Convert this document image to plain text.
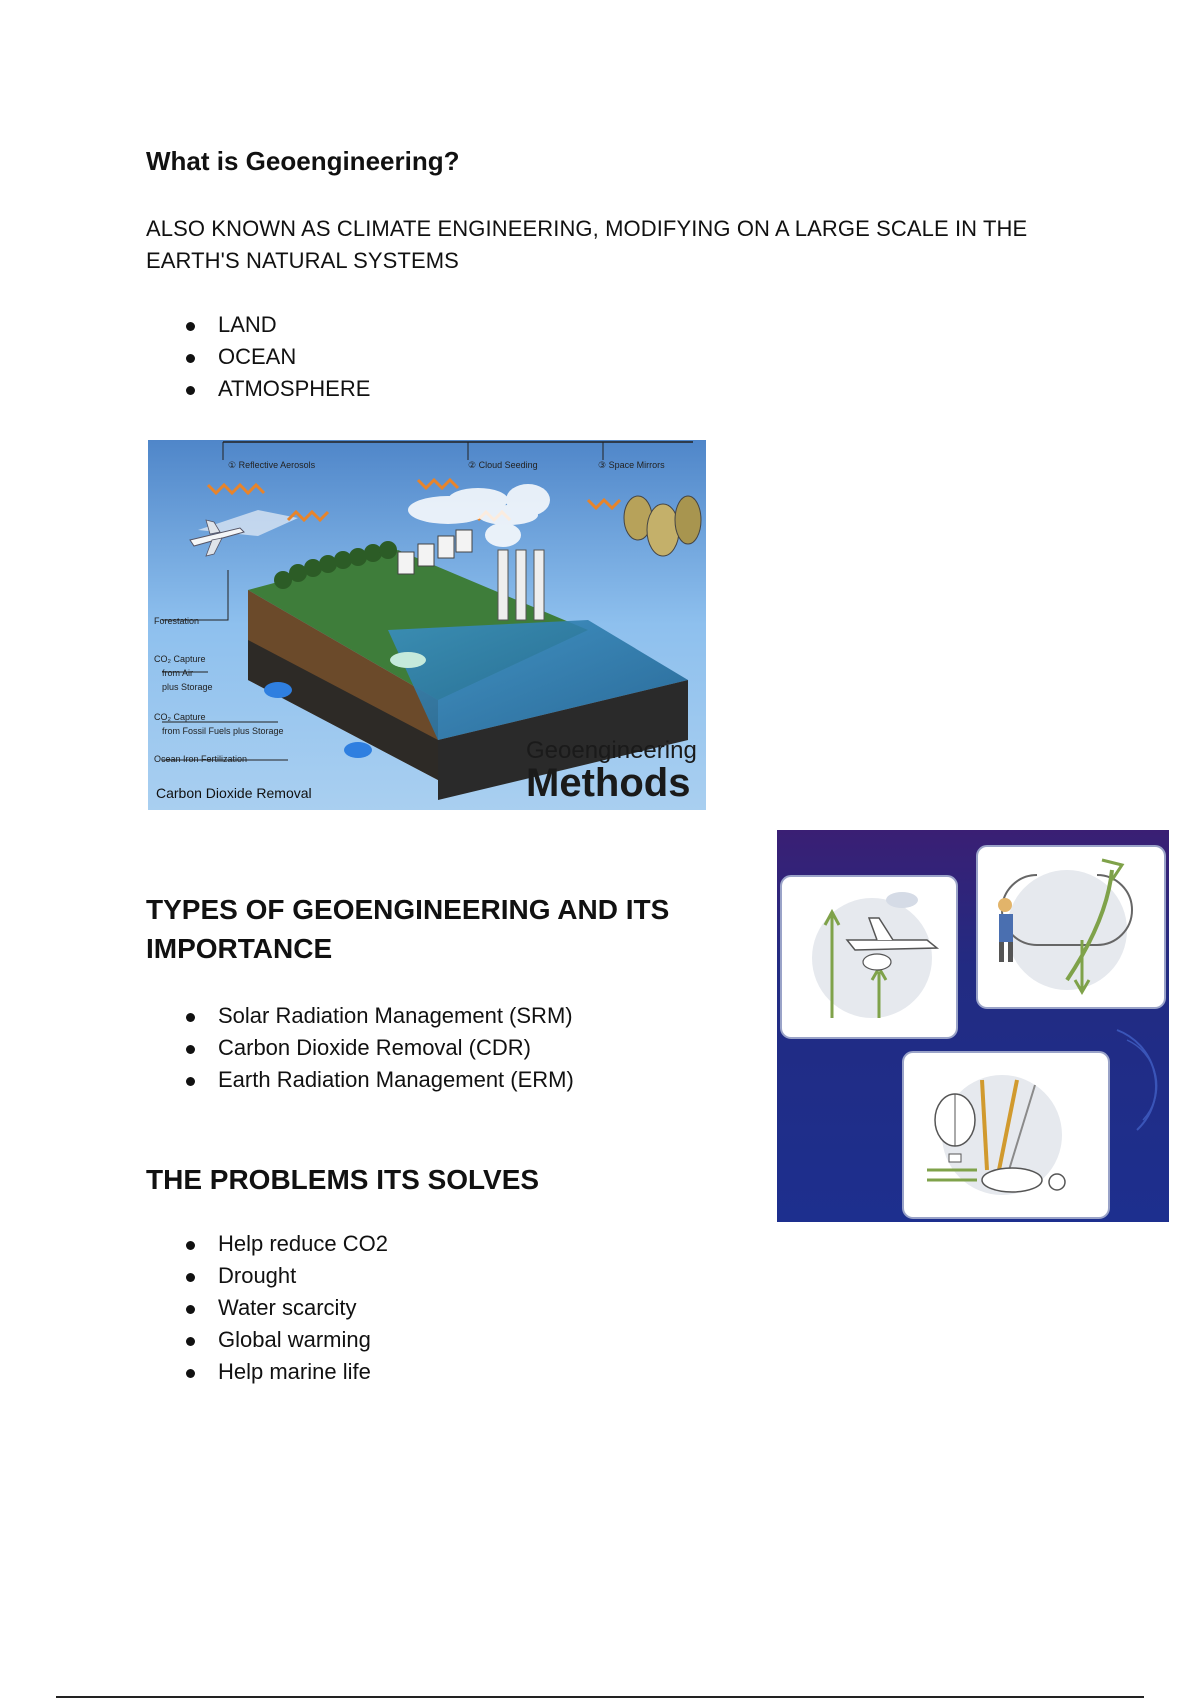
What is Geoengineering?

ALSO KNOWN AS CLIMATE ENGINEERING, MODIFYING ON A LARGE SCALE IN THE EARTH'S NATURAL SYSTEMS

LAND
OCEAN
ATMOSPHERE
① Reflective Aerosols	② Cloud Seeding	③ Space Mirrors
Forestation
CO₂ Capture
from Air
plus Storage
CO₂ Capture
from Fossil Fuels plus Storage
Ocean Iron Fertilization
Carbon Dioxide Removal
Geoengineering
Methods
TYPES OF GEOENGINEERING AND ITS IMPORTANCE
Solar Radiation Management (SRM)
Carbon Dioxide Removal (CDR)
Earth Radiation Management (ERM)
THE PROBLEMS ITS SOLVES
Help reduce CO2
Drought
Water scarcity
Global warming
Help marine life
